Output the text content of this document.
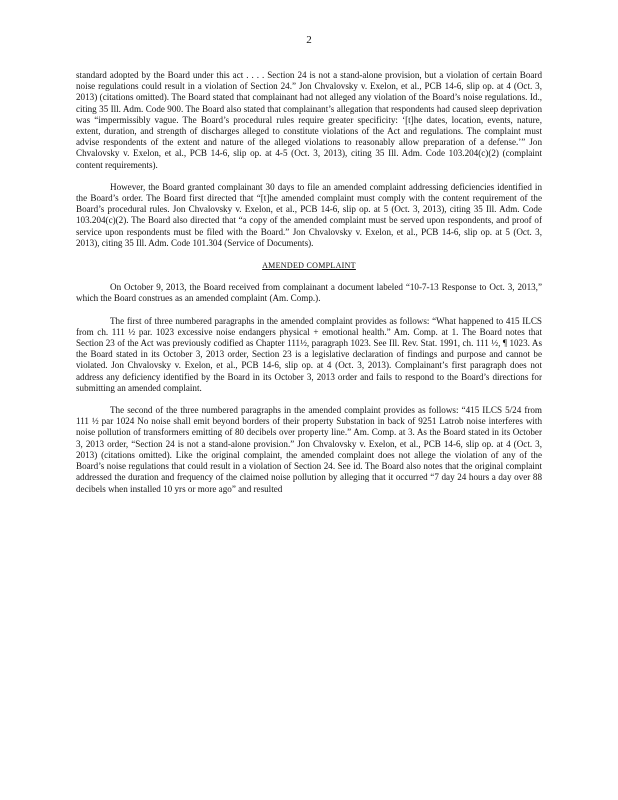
2

standard adopted by the Board under this act . . . . Section 24 is not a stand-alone provision, but a violation of certain Board noise regulations could result in a violation of Section 24.” Jon Chvalovsky v. Exelon, et al., PCB 14-6, slip op. at 4 (Oct. 3, 2013) (citations omitted). The Board stated that complainant had not alleged any violation of the Board’s noise regulations. Id., citing 35 Ill. Adm. Code 900. The Board also stated that complainant’s allegation that respondents had caused sleep deprivation was “impermissibly vague. The Board’s procedural rules require greater specificity: ‘[t]he dates, location, events, nature, extent, duration, and strength of discharges alleged to constitute violations of the Act and regulations. The complaint must advise respondents of the extent and nature of the alleged violations to reasonably allow preparation of a defense.’” Jon Chvalovsky v. Exelon, et al., PCB 14-6, slip op. at 4-5 (Oct. 3, 2013), citing 35 Ill. Adm. Code 103.204(c)(2) (complaint content requirements).

However, the Board granted complainant 30 days to file an amended complaint addressing deficiencies identified in the Board’s order. The Board first directed that “[t]he amended complaint must comply with the content requirement of the Board’s procedural rules. Jon Chvalovsky v. Exelon, et al., PCB 14-6, slip op. at 5 (Oct. 3, 2013), citing 35 Ill. Adm. Code 103.204(c)(2). The Board also directed that “a copy of the amended complaint must be served upon respondents, and proof of service upon respondents must be filed with the Board.” Jon Chvalovsky v. Exelon, et al., PCB 14-6, slip op. at 5 (Oct. 3, 2013), citing 35 Ill. Adm. Code 101.304 (Service of Documents).

AMENDED COMPLAINT

On October 9, 2013, the Board received from complainant a document labeled “10-7-13 Response to Oct. 3, 2013,” which the Board construes as an amended complaint (Am. Comp.).

The first of three numbered paragraphs in the amended complaint provides as follows: “What happened to 415 ILCS from ch. 111 ½ par. 1023 excessive noise endangers physical + emotional health.” Am. Comp. at 1. The Board notes that Section 23 of the Act was previously codified as Chapter 111½, paragraph 1023. See Ill. Rev. Stat. 1991, ch. 111 ½, ¶ 1023. As the Board stated in its October 3, 2013 order, Section 23 is a legislative declaration of findings and purpose and cannot be violated. Jon Chvalovsky v. Exelon, et al., PCB 14-6, slip op. at 4 (Oct. 3, 2013). Complainant’s first paragraph does not address any deficiency identified by the Board in its October 3, 2013 order and fails to respond to the Board’s directions for submitting an amended complaint.

The second of the three numbered paragraphs in the amended complaint provides as follows: “415 ILCS 5/24 from 111 ½ par 1024 No noise shall emit beyond borders of their property Substation in back of 9251 Latrob noise interferes with noise pollution of transformers emitting of 80 decibels over property line.” Am. Comp. at 3. As the Board stated in its October 3, 2013 order, “Section 24 is not a stand-alone provision.” Jon Chvalovsky v. Exelon, et al., PCB 14-6, slip op. at 4 (Oct. 3, 2013) (citations omitted). Like the original complaint, the amended complaint does not allege the violation of any of the Board’s noise regulations that could result in a violation of Section 24. See id. The Board also notes that the original complaint addressed the duration and frequency of the claimed noise pollution by alleging that it occurred “7 day 24 hours a day over 88 decibels when installed 10 yrs or more ago” and resulted
